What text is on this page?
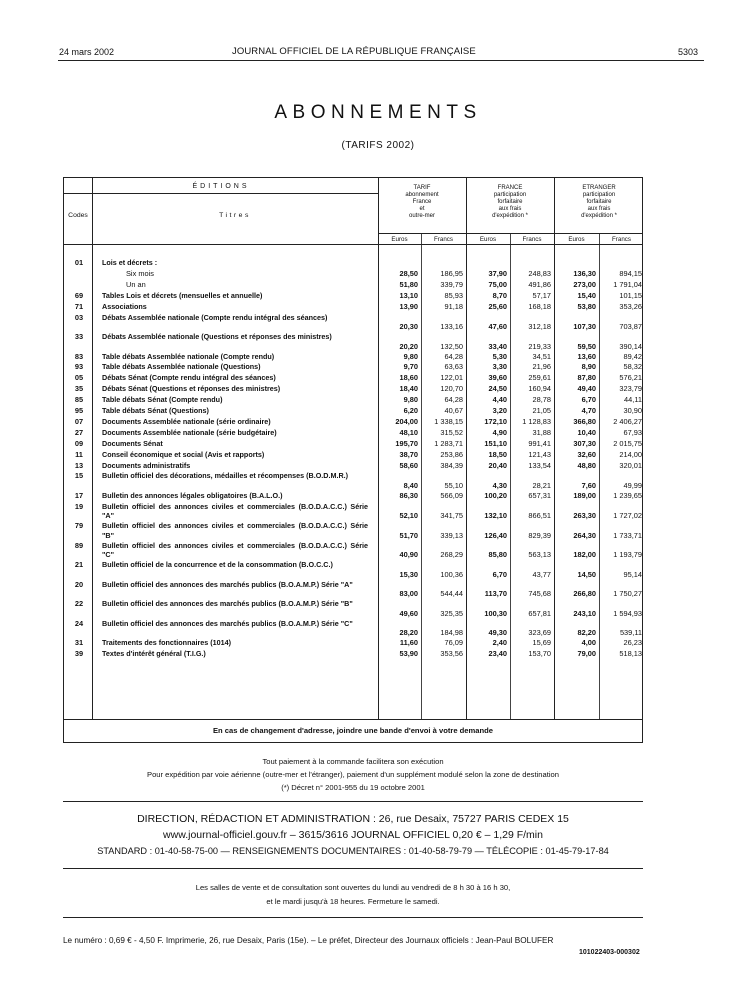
24 mars 2002	JOURNAL OFFICIEL DE LA RÉPUBLIQUE FRANÇAISE	5303
ABONNEMENTS
(TARIFS 2002)
ÉDITIONS
Codes	Titres
TARIF
abonnement
France
et
outre-mer
FRANCE
participation
forfaitaire
aux frais
d'expédition *
ETRANGER
participation
forfaitaire
aux frais
d'expédition *
Euros	Francs	Euros	Francs	Euros	Francs
01	Lois et décrets :
Six mois	28,50	186,95	37,90	248,83	136,30	894,15
Un an	51,80	339,79	75,00	491,86	273,00	1 791,04
69	Tables Lois et décrets (mensuelles et annuelle)	13,10	85,93	8,70	57,17	15,40	101,15
71	Associations	13,90	91,18	25,60	168,18	53,80	353,26
03	Débats Assemblée nationale (Compte rendu intégral des séances)
20,30	133,16	47,60	312,18	107,30	703,87
33	Débats Assemblée nationale (Questions et réponses des ministres)
20,20	132,50	33,40	219,33	59,50	390,14
83	Table débats Assemblée nationale (Compte rendu)	9,80	64,28	5,30	34,51	13,60	89,42
93	Table débats Assemblée nationale (Questions)	9,70	63,63	3,30	21,96	8,90	58,32
05	Débats Sénat (Compte rendu intégral des séances)	18,60	122,01	39,60	259,61	87,80	576,21
35	Débats Sénat (Questions et réponses des ministres)	18,40	120,70	24,50	160,94	49,40	323,79
85	Table débats Sénat (Compte rendu)	9,80	64,28	4,40	28,78	6,70	44,11
95	Table débats Sénat (Questions)	6,20	40,67	3,20	21,05	4,70	30,90
07	Documents Assemblée nationale (série ordinaire)	204,00	1 338,15	172,10	1 128,83	366,80	2 406,27
27	Documents Assemblée nationale (série budgétaire)	48,10	315,52	4,90	31,88	10,40	67,93
09	Documents Sénat	195,70	1 283,71	151,10	991,41	307,30	2 015,75
11	Conseil économique et social (Avis et rapports)	38,70	253,86	18,50	121,43	32,60	214,00
13	Documents administratifs	58,60	384,39	20,40	133,54	48,80	320,01
15	Bulletin officiel des décorations, médailles et récompenses (B.O.D.M.R.)
8,40	55,10	4,30	28,21	7,60	49,99
17	Bulletin des annonces légales obligatoires (B.A.L.O.)	86,30	566,09	100,20	657,31	189,00	1 239,65
19	Bulletin officiel des annonces civiles et commerciales (B.O.D.A.C.C.) Série "A"	52,10	341,75	132,10	866,51	263,30	1 727,02
79	Bulletin officiel des annonces civiles et commerciales (B.O.D.A.C.C.) Série "B"	51,70	339,13	126,40	829,39	264,30	1 733,71
89	Bulletin officiel des annonces civiles et commerciales (B.O.D.A.C.C.) Série "C"	40,90	268,29	85,80	563,13	182,00	1 193,79
21	Bulletin officiel de la concurrence et de la consommation (B.O.C.C.)
15,30	100,36	6,70	43,77	14,50	95,14
20	Bulletin officiel des annonces des marchés publics (B.O.A.M.P.) Série "A"
83,00	544,44	113,70	745,68	266,80	1 750,27
22	Bulletin officiel des annonces des marchés publics (B.O.A.M.P.) Série "B"
49,60	325,35	100,30	657,81	243,10	1 594,93
24	Bulletin officiel des annonces des marchés publics (B.O.A.M.P.) Série "C"
28,20	184,98	49,30	323,69	82,20	539,11
31	Traitements des fonctionnaires (1014)	11,60	76,09	2,40	15,69	4,00	26,23
39	Textes d'intérêt général (T.I.G.)	53,90	353,56	23,40	153,70	79,00	518,13
En cas de changement d'adresse, joindre une bande d'envoi à votre demande
Tout paiement à la commande facilitera son exécution
Pour expédition par voie aérienne (outre-mer et l'étranger), paiement d'un supplément modulé selon la zone de destination
(*) Décret n° 2001-955 du 19 octobre 2001
DIRECTION, RÉDACTION ET ADMINISTRATION : 26, rue Desaix, 75727 PARIS CEDEX 15
www.journal-officiel.gouv.fr – 3615/3616 JOURNAL OFFICIEL 0,20 € – 1,29 F/min
STANDARD : 01-40-58-75-00 — RENSEIGNEMENTS DOCUMENTAIRES : 01-40-58-79-79 — TÉLÉCOPIE : 01-45-79-17-84
Les salles de vente et de consultation sont ouvertes du lundi au vendredi de 8 h 30 à 16 h 30,
et le mardi jusqu'à 18 heures. Fermeture le samedi.
Le numéro : 0,69 € - 4,50 F. Imprimerie, 26, rue Desaix, Paris (15e). – Le préfet, Directeur des Journaux officiels : Jean-Paul BOLUFER
101022403-000302
